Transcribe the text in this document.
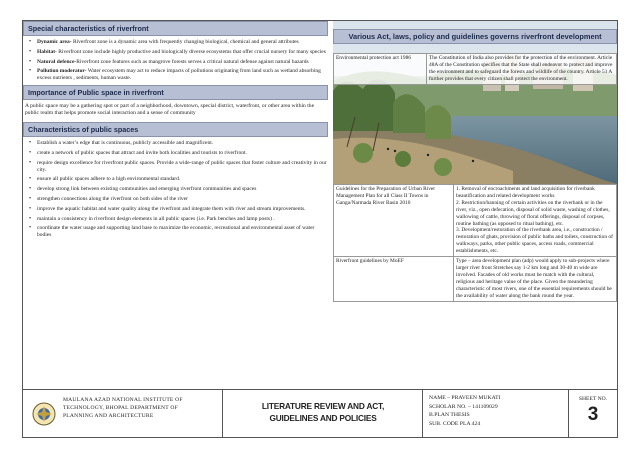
Special characteristics of riverfront
• Dynamic area- Riverfront zone is a dynamic area with frequently changing biological, chemical and general attributes
• Habitat- Riverfront zone include highly productive and biologically diverse ecosystems that offer crucial nursery for many species
• Natural defence-Riverfront zone features such as mangrove forests serves a critical natural defense against natural hazards
• Pollution moderator- Water ecosystem may act to reduce impacts of pollutions originating from land such as wetland absorbing excess nutrients , sediments, human waste.
Importance of Public space in riverfront
A public space may be a gathering spot or part of a neighborhood, downtown, special district, waterfront, or other area within the public realm that helps promote social interaction and a sense of community
Characteristics of public spaces
• Establish a water’s edge that is continuous, publicly accessible and magnificent.
• create a network of public spaces that attract and invite both localities and tourists to riverfront.
• require design excellence for riverfront public spaces. Provide a wide-range of public spaces that foster culture and creativity in our city.
• ensure all public spaces adhere to a high environmental standard.
• develop strong link between existing communities and emerging riverfront communities and spaces
• strengthen connections along the riverfront on both sides of the river
• improve the aquatic habitat and water quality along the riverfront and integrate them with river and stream improvements.
• maintain a consistency in riverfront design elements in all public spaces (i.e. Park benches and lamp posts) .
• coordinate the water usage and supporting land base to maximize the economic, recreational and environmental asset of water bodies
Various Act, laws, policy and guidelines governs riverfront development
Environmental protection act 1986	The Constitution of India also provides for the protection of the environment. Article 48A of the Constitution specifies that the State shall endeavor to protect and improve the environment and to safeguard the forests and wildlife of the country. Article 51 A further provides that every citizen shall protect the environment.
Guidelines for the Preparation of Urban River Management Plan for all Class II Towns in Ganga/Narmada River Basin 2010	1. Removal of encroachments and land acquisition for riverbank beautification and related development works
2. Restriction/banning of certain activities on the riverbank or in the river, viz., open defecation, disposal of solid waste, washing of clothes, wallowing of cattle, throwing of floral offerings, disposal of corpses, routine bathing (as opposed to ritual bathing), etc.
3. Development/restoration of the riverbank area, i.e., construction / restoration of ghats, provision of public baths and toilets, construction of walkways, parks, other public spaces, access roads, commercial establishments, etc.
Riverfront guidelines by MoEF	Type – area development plan (adp) would apply to sub-projects where larger river front Stretches say 1-2 km long and 30-40 m wide are involved. Facades of old works must be match with the cultural, religious and heritage value of the place. Given the meandering characteristic of most rivers, one of the essential requirements should be the availability of water along the bank round the year.
MAULANA AZAD NATIONAL INSTITUTE OF TECHNOLOGY, BHOPAL DEPARTMENT OF PLANNING AND ARCHITECTURE
LITERATURE REVIEW AND ACT,
GUIDELINES AND POLICIES
NAME – PRAVEEN MUKATI
SCHOLAR NO. – 141109029
B.PLAN THESIS
SUB. CODE PLA 424
SHEET NO.
3
